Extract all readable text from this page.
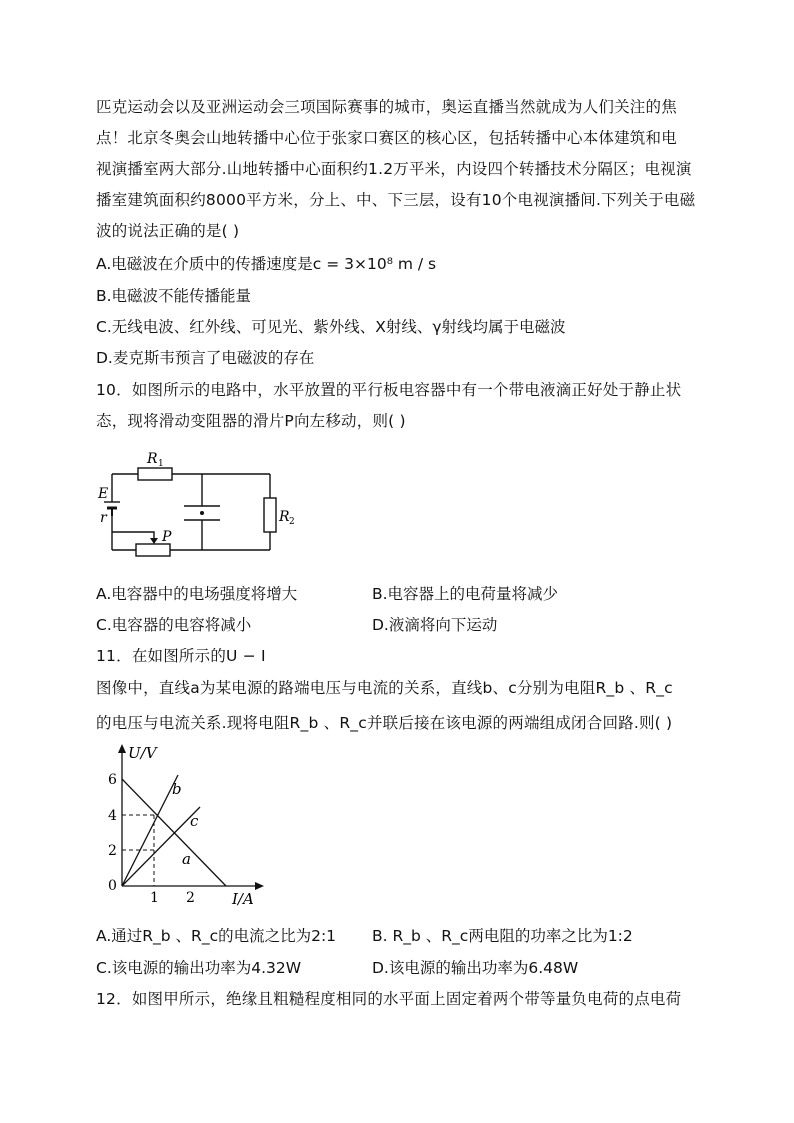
匹克运动会以及亚洲运动会三项国际赛事的城市，奥运直播当然就成为人们关注的焦
点！北京冬奥会山地转播中心位于张家口赛区的核心区，包括转播中心本体建筑和电
视演播室两大部分.山地转播中心面积约1.2万平米，内设四个转播技术分隔区；电视演
播室建筑面积约8000平方米，分上、中、下三层，设有10个电视演播间.下列关于电磁
波的说法正确的是( )
A.电磁波在介质中的传播速度是c = 3×10⁸ m / s
B.电磁波不能传播能量
C.无线电波、红外线、可见光、紫外线、X射线、γ射线均属于电磁波
D.麦克斯韦预言了电磁波的存在
10．如图所示的电路中，水平放置的平行板电容器中有一个带电液滴正好处于静止状
态，现将滑动变阻器的滑片P向左移动，则( )
R 1
R 2
E
r
P
A.电容器中的电场强度将增大	B.电容器上的电荷量将减少
C.电容器的电容将减小	D.液滴将向下运动
11．在如图所示的U − I
图像中，直线a为某电源的路端电压与电流的关系，直线b、c分别为电阻R_b 、R_c
的电压与电流关系.现将电阻R_b 、R_c并联后接在该电源的两端组成闭合回路.则( )
6
4
2
0
1 2
U/V
I/A
a
b
c
A.通过R_b 、R_c的电流之比为2:1 B. R_b 、R_c两电阻的功率之比为1:2
C.该电源的输出功率为4.32W	D.该电源的输出功率为6.48W
12．如图甲所示，绝缘且粗糙程度相同的水平面上固定着两个带等量负电荷的点电荷
